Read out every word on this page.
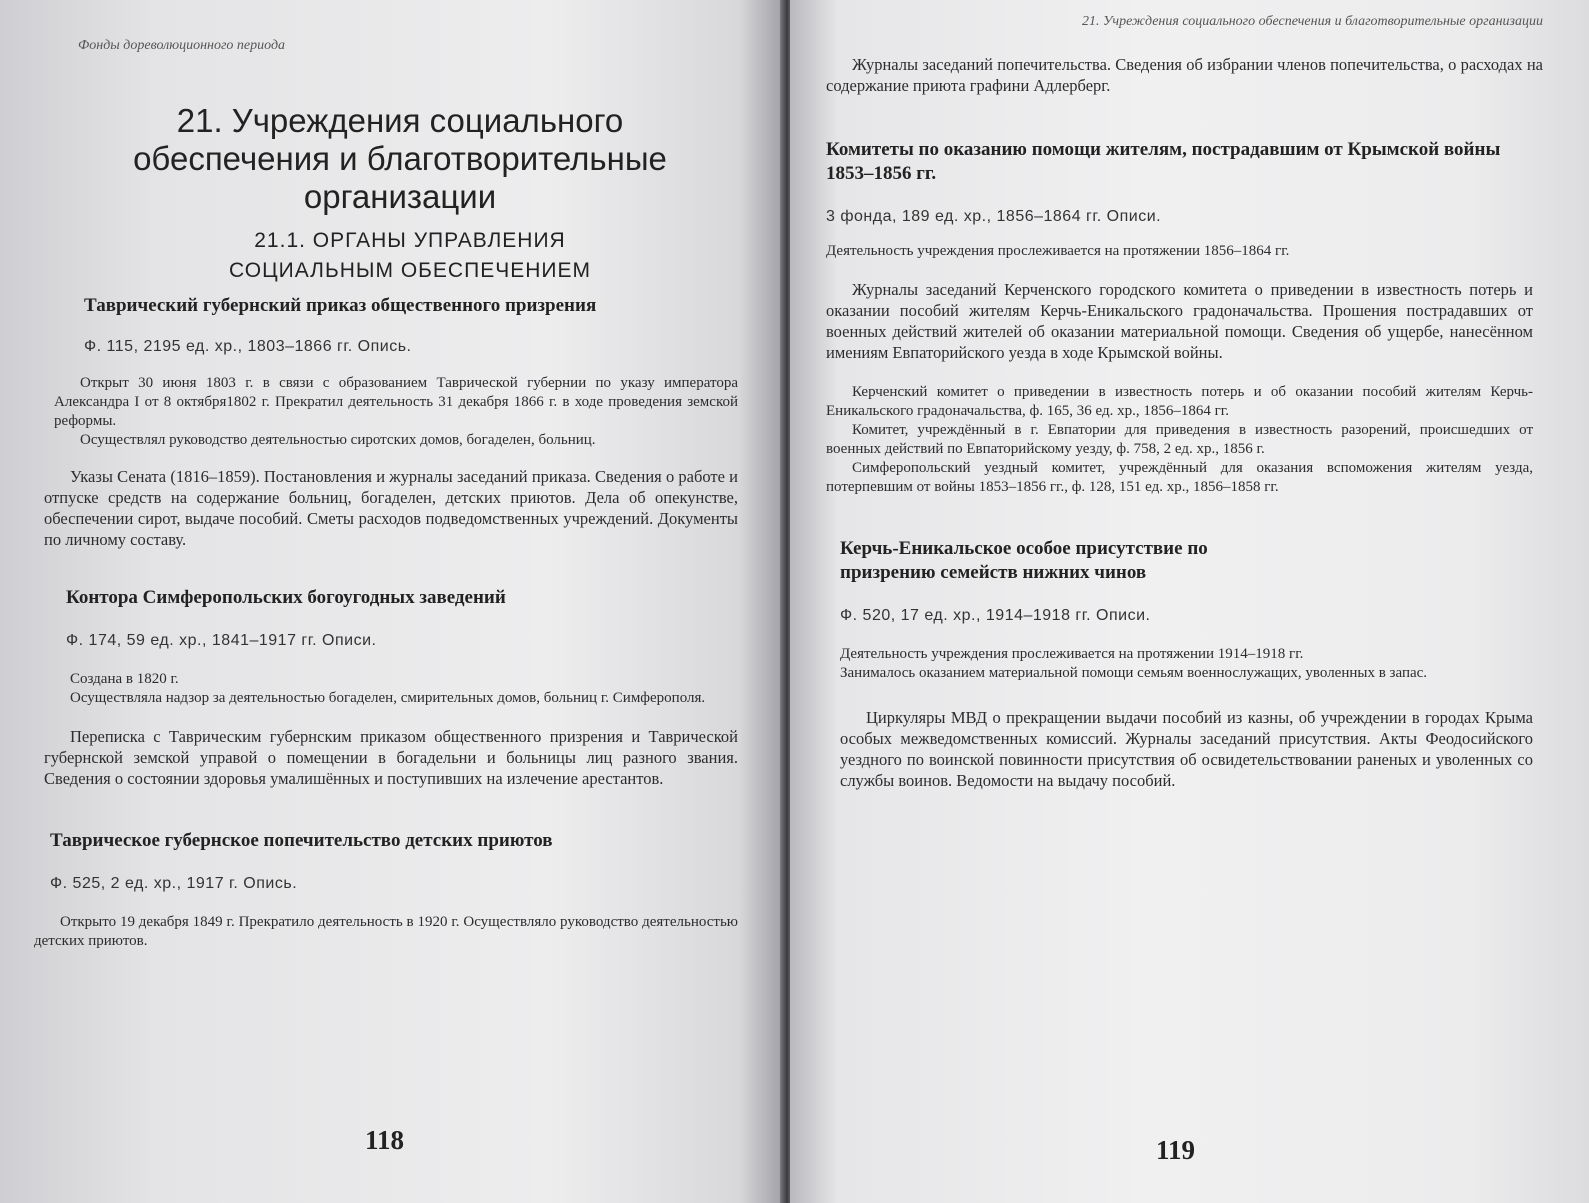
Фонды дореволюционного периода
21. Учреждения социального обеспечения и благотворительные организации
21.1. ОРГАНЫ УПРАВЛЕНИЯ
СОЦИАЛЬНЫМ ОБЕСПЕЧЕНИЕМ
Таврический губернский приказ общественного призрения
Ф. 115, 2195 ед. хр., 1803–1866 гг. Опись.
Открыт 30 июня 1803 г. в связи с образованием Таврической губернии по указу императора Александра I от 8 октября1802 г. Прекратил деятельность 31 декабря 1866 г. в ходе проведения земской реформы.
Осуществлял руководство деятельностью сиротских домов, богаделен, больниц.
Указы Сената (1816–1859). Постановления и журналы заседаний приказа. Сведения о работе и отпуске средств на содержание больниц, богаделен, детских приютов. Дела об опекунстве, обеспечении сирот, выдаче пособий. Сметы расходов подведомственных учреждений. Документы по личному составу.
Контора Симферопольских богоугодных заведений
Ф. 174, 59 ед. хр., 1841–1917 гг. Описи.
Создана в 1820 г.
Осуществляла надзор за деятельностью богаделен, смирительных домов, больниц г. Симферополя.
Переписка с Таврическим губернским приказом общественного призрения и Таврической губернской земской управой о помещении в богадельни и больницы лиц разного звания. Сведения о состоянии здоровья умалишённых и поступивших на излечение арестантов.
Таврическое губернское попечительство детских приютов
Ф. 525, 2 ед. хр., 1917 г. Опись.
Открыто 19 декабря 1849 г. Прекратило деятельность в 1920 г. Осуществляло руководство деятельностью детских приютов.
118
21. Учреждения социального обеспечения и благотворительные организации
Журналы заседаний попечительства. Сведения об избрании членов попечительства, о расходах на содержание приюта графини Адлерберг.
Комитеты по оказанию помощи жителям, пострадавшим от Крымской войны 1853–1856 гг.
3 фонда, 189 ед. хр., 1856–1864 гг. Описи.
Деятельность учреждения прослеживается на протяжении 1856–1864 гг.
Журналы заседаний Керченского городского комитета о приведении в известность потерь и оказании пособий жителям Керчь-Еникальского градоначальства. Прошения пострадавших от военных действий жителей об оказании материальной помощи. Сведения об ущербе, нанесённом имениям Евпаторийского уезда в ходе Крымской войны.
Керченский комитет о приведении в известность потерь и об оказании пособий жителям Керчь-Еникальского градоначальства, ф. 165, 36 ед. хр., 1856–1864 гг.
Комитет, учреждённый в г. Евпатории для приведения в известность разорений, происшедших от военных действий по Евпаторийскому уезду, ф. 758, 2 ед. хр., 1856 г.
Симферопольский уездный комитет, учреждённый для оказания вспоможения жителям уезда, потерпевшим от войны 1853–1856 гг., ф. 128, 151 ед. хр., 1856–1858 гг.
Керчь-Еникальское особое присутствие по призрению семейств нижних чинов
Ф. 520, 17 ед. хр., 1914–1918 гг. Описи.
Деятельность учреждения прослеживается на протяжении 1914–1918 гг.
Занималось оказанием материальной помощи семьям военнослужащих, уволенных в запас.
Циркуляры МВД о прекращении выдачи пособий из казны, об учреждении в городах Крыма особых межведомственных комиссий. Журналы заседаний присутствия. Акты Феодосийского уездного по воинской повинности присутствия об освидетельствовании раненых и уволенных со службы воинов. Ведомости на выдачу пособий.
119
